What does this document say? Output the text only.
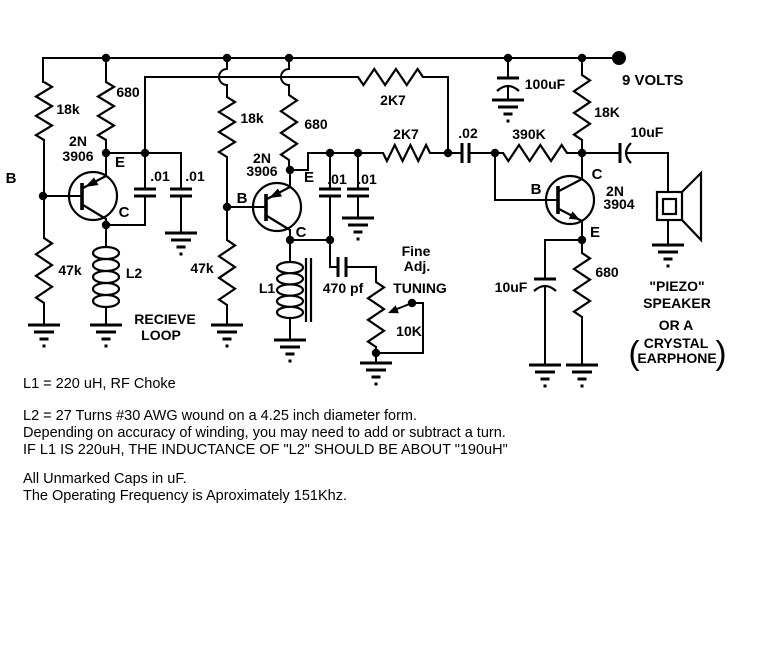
18k
680
47k
18k	680
47k
2K7
2K7	390K
18K
680
10K
.01 .01	.01 .01
.02
100uF
470 pf
10uF
10uF
L2
L1
B
E
C
2N
3906
B
E
C
2N
3906
B
C
E
2N
3904
9 VOLTS
RECIEVE
LOOP
Fine
Adj.
TUNING	"PIEZO"
SPEAKER
OR A
CRYSTAL
EARPHONE
( )
L1 = 220 uH, RF Choke
L2 = 27 Turns #30 AWG wound on a 4.25 inch diameter form.
Depending on accuracy of winding, you may need to add or subtract a turn.
IF L1 IS 220uH, THE INDUCTANCE OF "L2" SHOULD BE ABOUT "190uH"
All Unmarked Caps in uF.
The Operating Frequency is Aproximately 151Khz.
